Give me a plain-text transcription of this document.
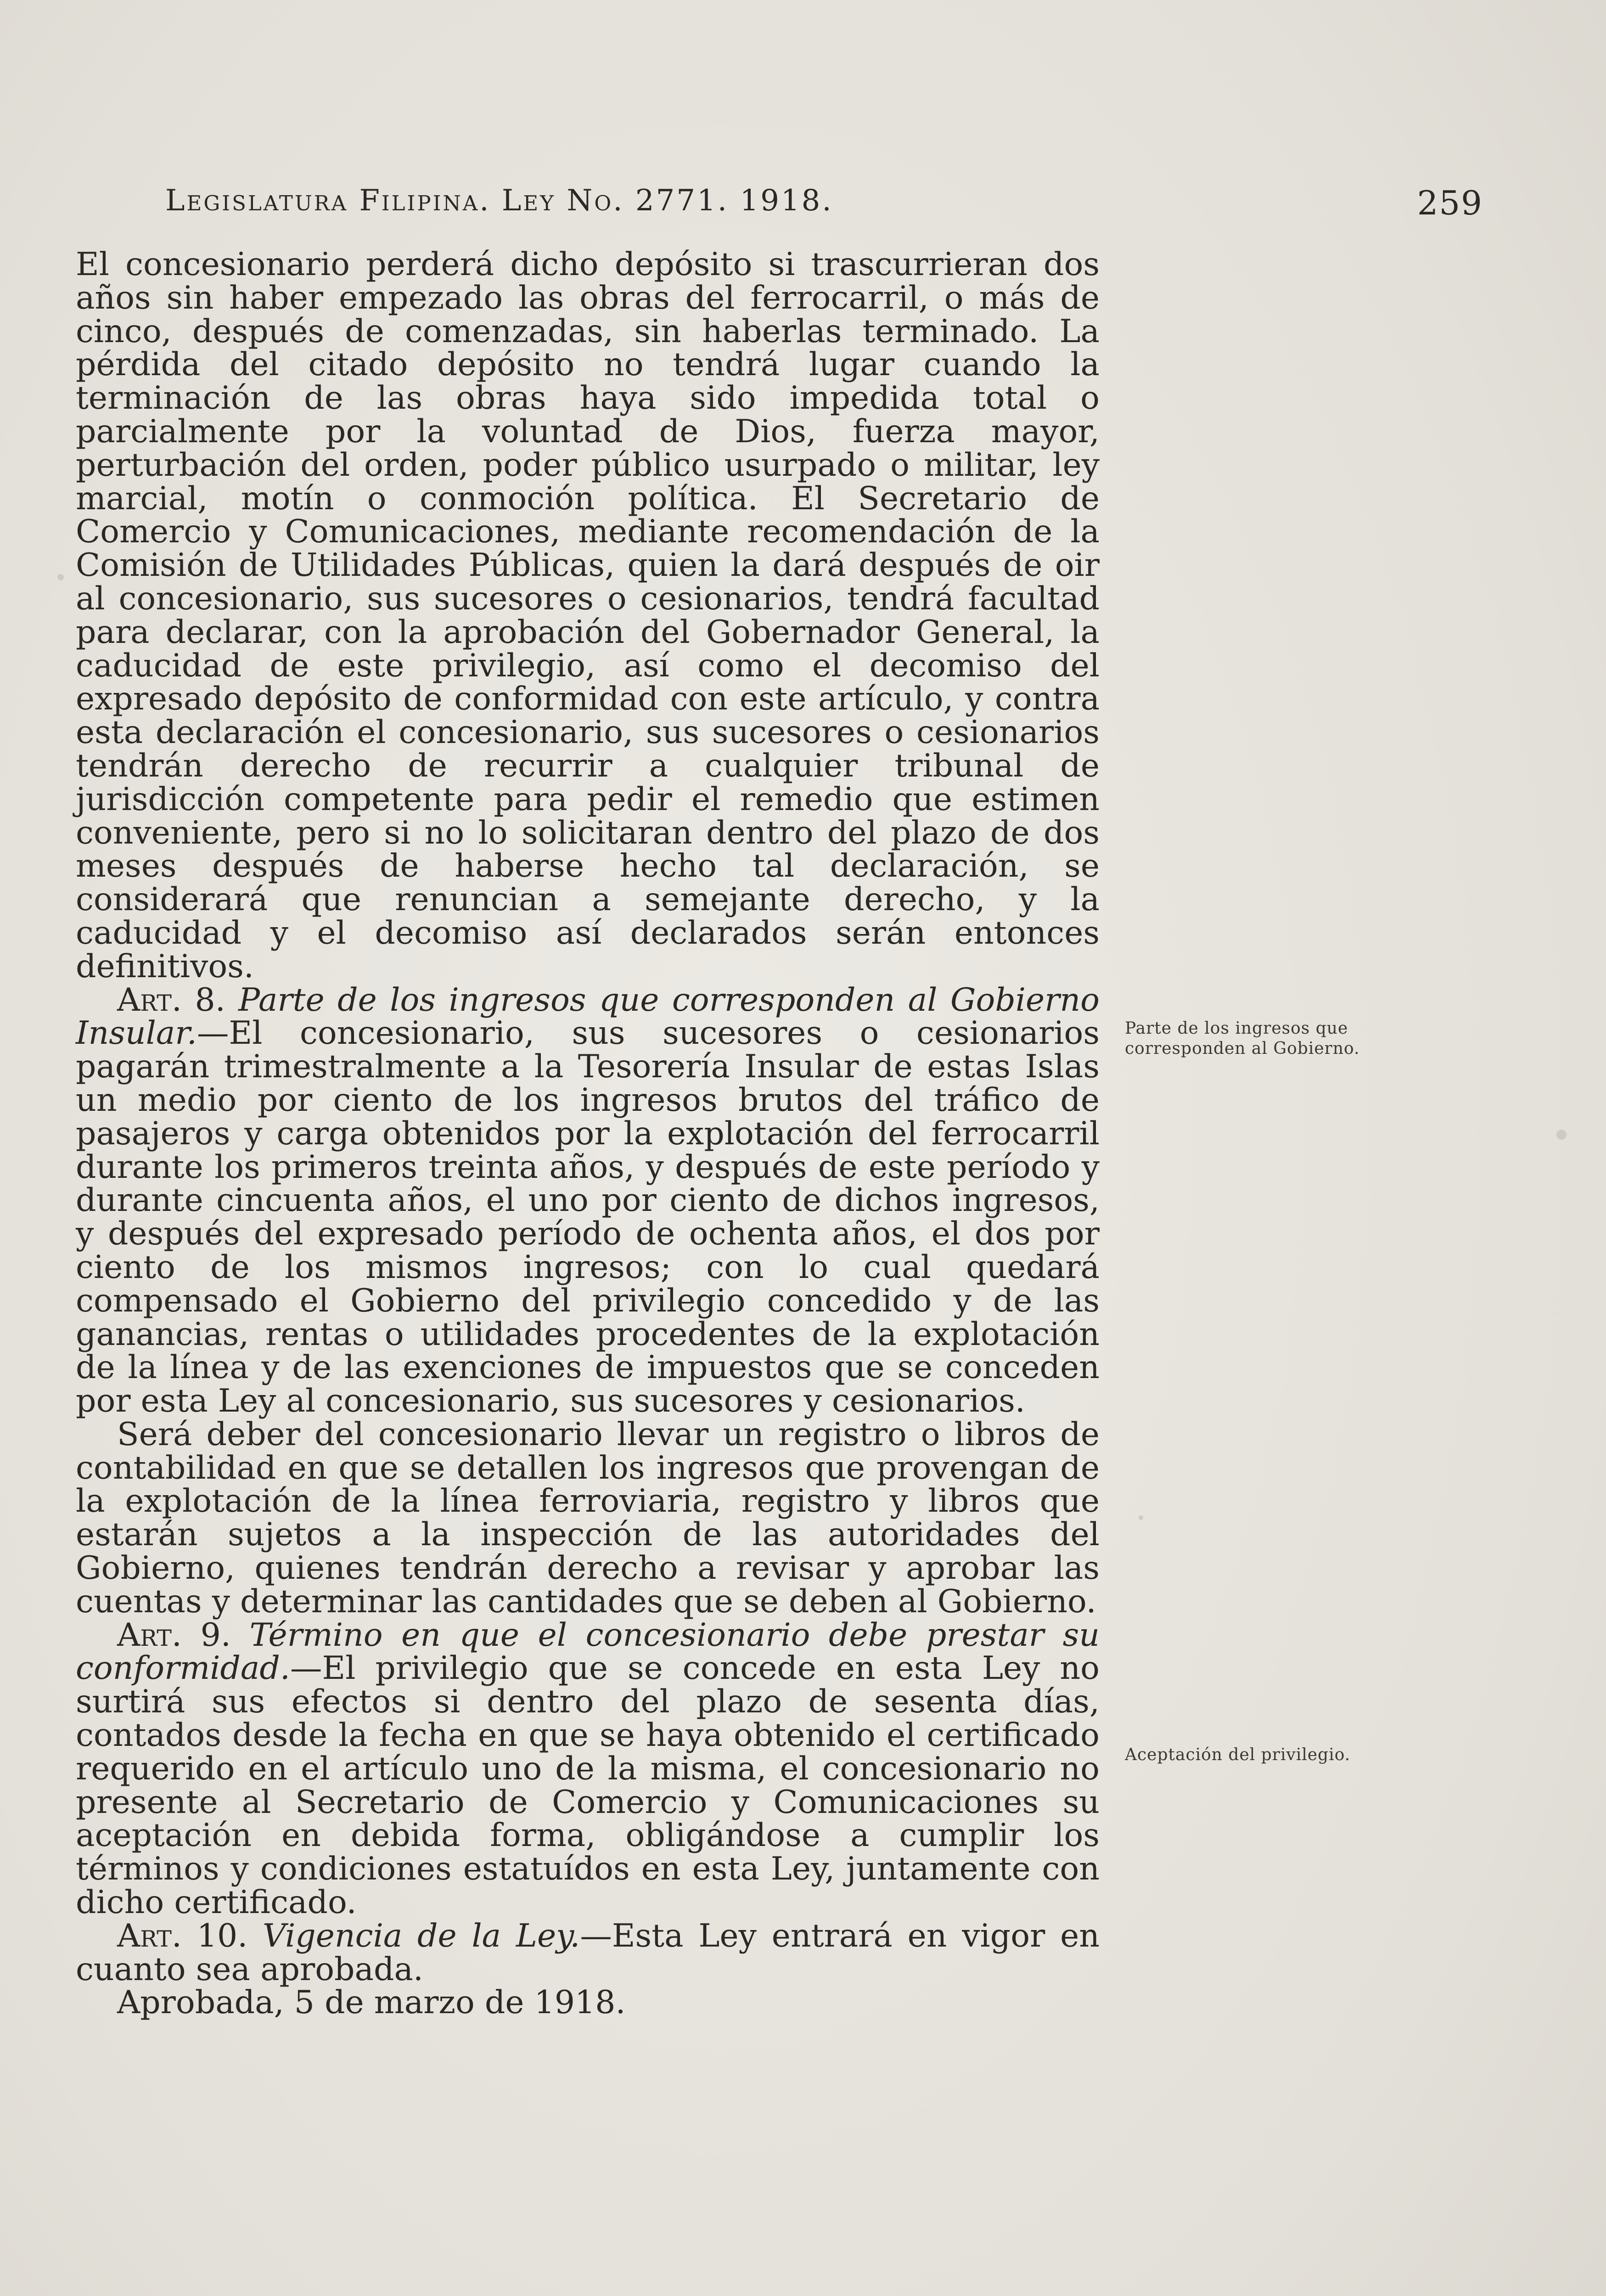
Legislatura Filipina. Ley No. 2771. 1918.	259

El concesionario perderá dicho depósito si trascurrieran dos años sin haber empezado las obras del ferrocarril, o más de cinco, después de comenzadas, sin haberlas terminado. La pérdida del citado depósito no tendrá lugar cuando la terminación de las obras haya sido impedida total o parcialmente por la voluntad de Dios, fuerza mayor, perturbación del orden, poder público usurpado o militar, ley marcial, motín o conmoción política. El Secretario de Comercio y Comunicaciones, mediante recomendación de la Comisión de Utilidades Públicas, quien la dará después de oir al concesionario, sus sucesores o cesionarios, tendrá facultad para declarar, con la aprobación del Gobernador General, la caducidad de este privilegio, así como el decomiso del expresado depósito de conformidad con este artículo, y contra esta declaración el concesionario, sus sucesores o cesionarios tendrán derecho de recurrir a cualquier tribunal de jurisdicción competente para pedir el remedio que estimen conveniente, pero si no lo solicitaran dentro del plazo de dos meses después de haberse hecho tal declaración, se considerará que renuncian a semejante derecho, y la caducidad y el decomiso así declarados serán entonces definitivos.

Art. 8. Parte de los ingresos que corresponden al Gobierno Insular.—El concesionario, sus sucesores o cesionarios pagarán trimestralmente a la Tesorería Insular de estas Islas un medio por ciento de los ingresos brutos del tráfico de pasajeros y carga obtenidos por la explotación del ferrocarril durante los primeros treinta años, y después de este período y durante cincuenta años, el uno por ciento de dichos ingresos, y después del expresado período de ochenta años, el dos por ciento de los mismos ingresos; con lo cual quedará compensado el Gobierno del privilegio concedido y de las ganancias, rentas o utilidades procedentes de la explotación de la línea y de las exenciones de impuestos que se conceden por esta Ley al concesionario, sus sucesores y cesionarios.

Será deber del concesionario llevar un registro o libros de contabilidad en que se detallen los ingresos que provengan de la explotación de la línea ferroviaria, registro y libros que estarán sujetos a la inspección de las autoridades del Gobierno, quienes tendrán derecho a revisar y aprobar las cuentas y determinar las cantidades que se deben al Gobierno.

Art. 9. Término en que el concesionario debe prestar su conformidad.—El privilegio que se concede en esta Ley no surtirá sus efectos si dentro del plazo de sesenta días, contados desde la fecha en que se haya obtenido el certificado requerido en el artículo uno de la misma, el concesionario no presente al Secretario de Comercio y Comunicaciones su aceptación en debida forma, obligándose a cumplir los términos y condiciones estatuídos en esta Ley, juntamente con dicho certificado.

Art. 10. Vigencia de la Ley.—Esta Ley entrará en vigor en cuanto sea aprobada.

Aprobada, 5 de marzo de 1918.

Parte de los ingresos que corresponden al Gobierno.
Aceptación del privilegio.
